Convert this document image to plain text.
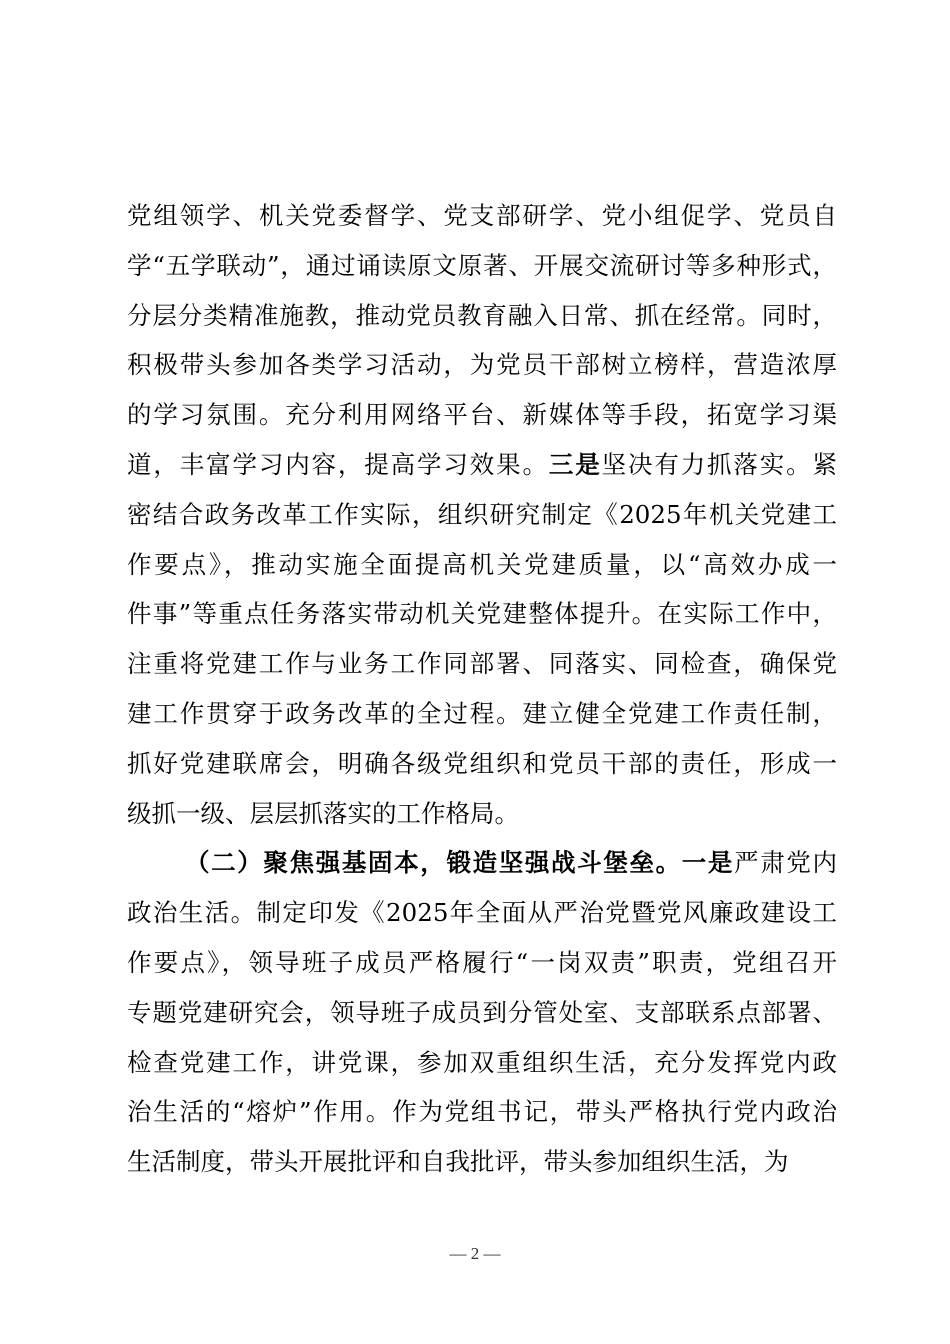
党组领学、机关党委督学、党支部研学、党小组促学、党员自
学“五学联动”，通过诵读原文原著、开展交流研讨等多种形式，
分层分类精准施教，推动党员教育融入日常、抓在经常。同时，
积极带头参加各类学习活动，为党员干部树立榜样，营造浓厚
的学习氛围。充分利用网络平台、新媒体等手段，拓宽学习渠
道，丰富学习内容，提高学习效果。三是坚决有力抓落实。紧
密结合政务改革工作实际，组织研究制定《2025年机关党建工
作要点》，推动实施全面提高机关党建质量，以“高效办成一
件事”等重点任务落实带动机关党建整体提升。在实际工作中，
注重将党建工作与业务工作同部署、同落实、同检查，确保党
建工作贯穿于政务改革的全过程。建立健全党建工作责任制，
抓好党建联席会，明确各级党组织和党员干部的责任，形成一
级抓一级、层层抓落实的工作格局。
（二）聚焦强基固本，锻造坚强战斗堡垒。一是严肃党内
政治生活。制定印发《2025年全面从严治党暨党风廉政建设工
作要点》，领导班子成员严格履行“一岗双责”职责，党组召开
专题党建研究会，领导班子成员到分管处室、支部联系点部署、
检查党建工作，讲党课，参加双重组织生活，充分发挥党内政
治生活的“熔炉”作用。作为党组书记，带头严格执行党内政治
生活制度，带头开展批评和自我批评，带头参加组织生活，为
— 2 —
